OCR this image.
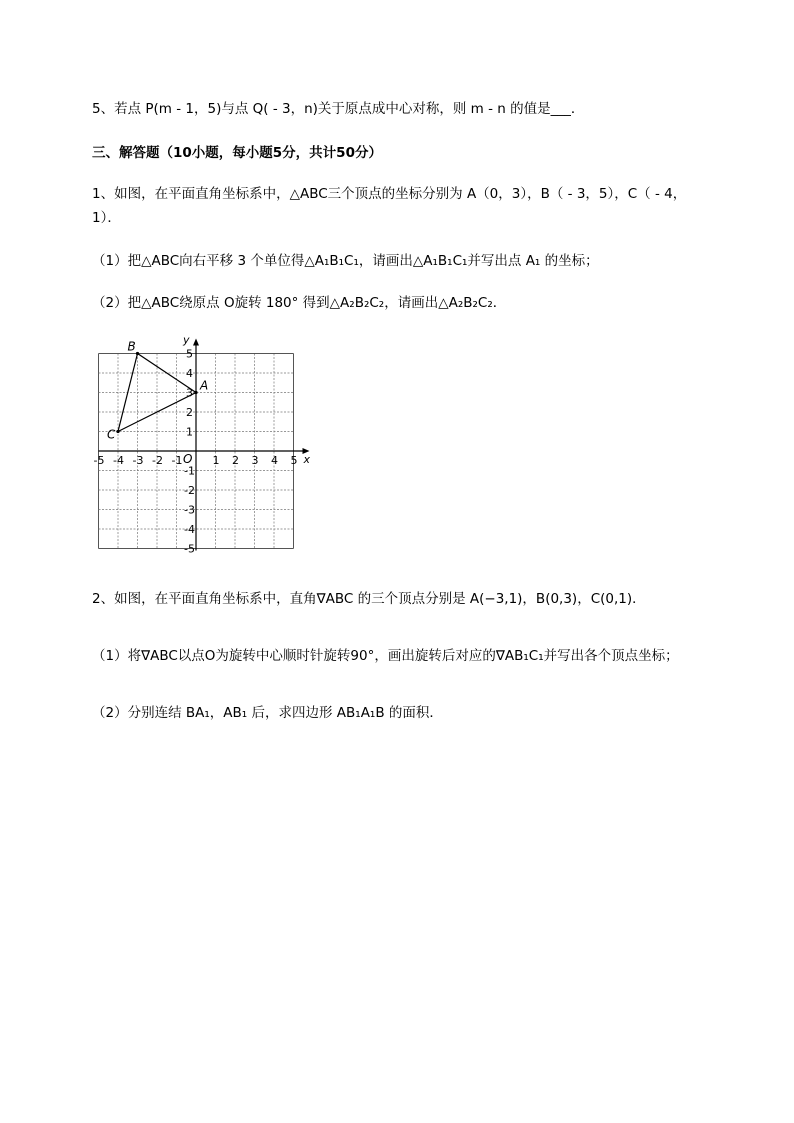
5、若点 P(m - 1，5)与点 Q( - 3，n)关于原点成中心对称，则 m - n 的值是___．
三、解答题（10小题，每小题5分，共计50分）
1、如图，在平面直角坐标系中，△ABC三个顶点的坐标分别为 A（0，3），B（ - 3，5），C（ - 4，
1）．
（1）把△ABC向右平移 3 个单位得△A₁B₁C₁，请画出△A₁B₁C₁并写出点 A₁ 的坐标；
（2）把△ABC绕原点 O旋转 180° 得到△A₂B₂C₂，请画出△A₂B₂C₂．
-5 -4 -3 -2 -1	1 2 3 4 5
5
4
3
2
1
-1
-2
-3
-4
-5
x
y
O
A
B
C
2、如图，在平面直角坐标系中，直角∇ABC 的三个顶点分别是 A(−3,1)，B(0,3)，C(0,1)．
（1）将∇ABC以点O为旋转中心顺时针旋转90°，画出旋转后对应的∇AB₁C₁并写出各个顶点坐标；
（2）分别连结 BA₁，AB₁ 后，求四边形 AB₁A₁B 的面积．
